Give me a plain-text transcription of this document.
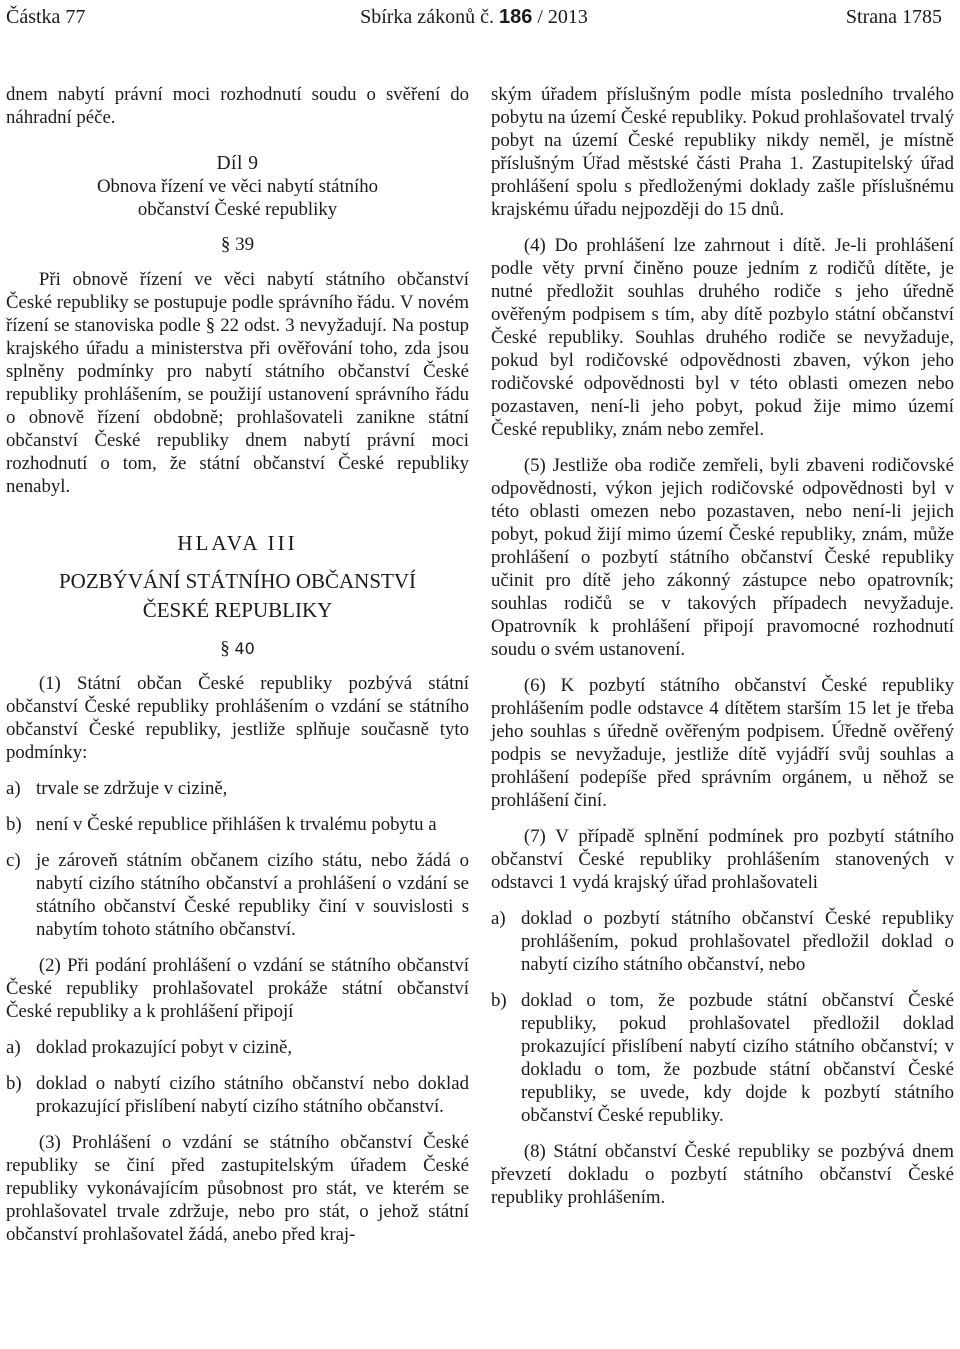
Částka 77	Sbírka zákonů č. 186 / 2013	Strana 1785

dnem nabytí právní moci rozhodnutí soudu o svěření do náhradní péče.

Díl 9

Obnova řízení ve věci nabytí státního občanství České republiky

§ 39

Při obnově řízení ve věci nabytí státního občanství České republiky se postupuje podle správního řádu. V novém řízení se stanoviska podle § 22 odst. 3 nevyžadují. Na postup krajského úřadu a ministerstva při ověřování toho, zda jsou splněny podmínky pro nabytí státního občanství České republiky prohlášením, se použijí ustanovení správního řádu o obnově řízení obdobně; prohlašovateli zanikne státní občanství České republiky dnem nabytí právní moci rozhodnutí o tom, že státní občanství České republiky nenabyl.

HLAVA III

POZBÝVÁNÍ STÁTNÍHO OBČANSTVÍ ČESKÉ REPUBLIKY

§ 40

(1) Státní občan České republiky pozbývá státní občanství České republiky prohlášením o vzdání se státního občanství České republiky, jestliže splňuje současně tyto podmínky:

a) trvale se zdržuje v cizině,
b) není v České republice přihlášen k trvalému pobytu a
c) je zároveň státním občanem cizího státu, nebo žádá o nabytí cizího státního občanství a prohlášení o vzdání se státního občanství České republiky činí v souvislosti s nabytím tohoto státního občanství.

(2) Při podání prohlášení o vzdání se státního občanství České republiky prohlašovatel prokáže státní občanství České republiky a k prohlášení připojí

a) doklad prokazující pobyt v cizině,
b) doklad o nabytí cizího státního občanství nebo doklad prokazující přislíbení nabytí cizího státního občanství.

(3) Prohlášení o vzdání se státního občanství České republiky se činí před zastupitelským úřadem České republiky vykonávajícím působnost pro stát, ve kterém se prohlašovatel trvale zdržuje, nebo pro stát, o jehož státní občanství prohlašovatel žádá, anebo před kraj-

ským úřadem příslušným podle místa posledního trvalého pobytu na území České republiky. Pokud prohlašovatel trvalý pobyt na území České republiky nikdy neměl, je místně příslušným Úřad městské části Praha 1. Zastupitelský úřad prohlášení spolu s předloženými doklady zašle příslušnému krajskému úřadu nejpozději do 15 dnů.

(4) Do prohlášení lze zahrnout i dítě. Je-li prohlášení podle věty první činěno pouze jedním z rodičů dítěte, je nutné předložit souhlas druhého rodiče s jeho úředně ověřeným podpisem s tím, aby dítě pozbylo státní občanství České republiky. Souhlas druhého rodiče se nevyžaduje, pokud byl rodičovské odpovědnosti zbaven, výkon jeho rodičovské odpovědnosti byl v této oblasti omezen nebo pozastaven, není-li jeho pobyt, pokud žije mimo území České republiky, znám nebo zemřel.

(5) Jestliže oba rodiče zemřeli, byli zbaveni rodičovské odpovědnosti, výkon jejich rodičovské odpovědnosti byl v této oblasti omezen nebo pozastaven, nebo není-li jejich pobyt, pokud žijí mimo území České republiky, znám, může prohlášení o pozbytí státního občanství České republiky učinit pro dítě jeho zákonný zástupce nebo opatrovník; souhlas rodičů se v takových případech nevyžaduje. Opatrovník k prohlášení připojí pravomocné rozhodnutí soudu o svém ustanovení.

(6) K pozbytí státního občanství České republiky prohlášením podle odstavce 4 dítětem starším 15 let je třeba jeho souhlas s úředně ověřeným podpisem. Úředně ověřený podpis se nevyžaduje, jestliže dítě vyjádří svůj souhlas a prohlášení podepíše před správním orgánem, u něhož se prohlášení činí.

(7) V případě splnění podmínek pro pozbytí státního občanství České republiky prohlášením stanovených v odstavci 1 vydá krajský úřad prohlašovateli

a) doklad o pozbytí státního občanství České republiky prohlášením, pokud prohlašovatel předložil doklad o nabytí cizího státního občanství, nebo
b) doklad o tom, že pozbude státní občanství České republiky, pokud prohlašovatel předložil doklad prokazující přislíbení nabytí cizího státního občanství; v dokladu o tom, že pozbude státní občanství České republiky, se uvede, kdy dojde k pozbytí státního občanství České republiky.

(8) Státní občanství České republiky se pozbývá dnem převzetí dokladu o pozbytí státního občanství České republiky prohlášením.
